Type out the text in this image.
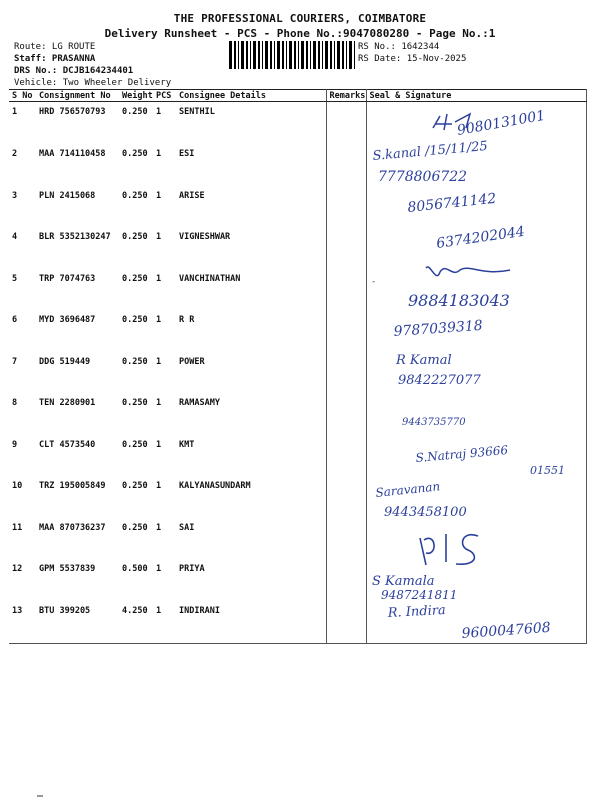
THE PROFESSIONAL COURIERS, COIMBATORE
Delivery Runsheet - PCS - Phone No.:9047080280 - Page No.:1
Route: LG ROUTE
Staff: PRASANNA
DRS No.: DCJB164234401
Vehicle: Two Wheeler Delivery
RS No.: 1642344
RS Date: 15-Nov-2025
S No	Consignment No	Weight	PCS	Consignee Details	Remarks	Seal & Signature
1	HRD 756570793	0.250	1	SENTHIL		
2	MAA 714110458	0.250	1	ESI		
3	PLN 2415068	0.250	1	ARISE		
4	BLR 5352130247	0.250	1	VIGNESHWAR		
5	TRP 7074763	0.250	1	VANCHINATHAN		
6	MYD 3696487	0.250	1	R R		
7	DDG 519449	0.250	1	POWER		
8	TEN 2280901	0.250	1	RAMASAMY		
9	CLT 4573540	0.250	1	KMT		
10	TRZ 195005849	0.250	1	KALYANASUNDARM		
11	MAA 870736237	0.250	1	SAI		
12	GPM 5537839	0.500	1	PRIYA		
13	BTU 399205	4.250	1	INDIRANI		
-
9080131001
S.kanal /15/11/25
7778806722
8056741142
6374202044
9884183043
9787039318
R Kamal
9842227077
9443735770
S.Natraj 93666
01551
Saravanan
9443458100
S Kamala
9487241811
R. Indira
9600047608
